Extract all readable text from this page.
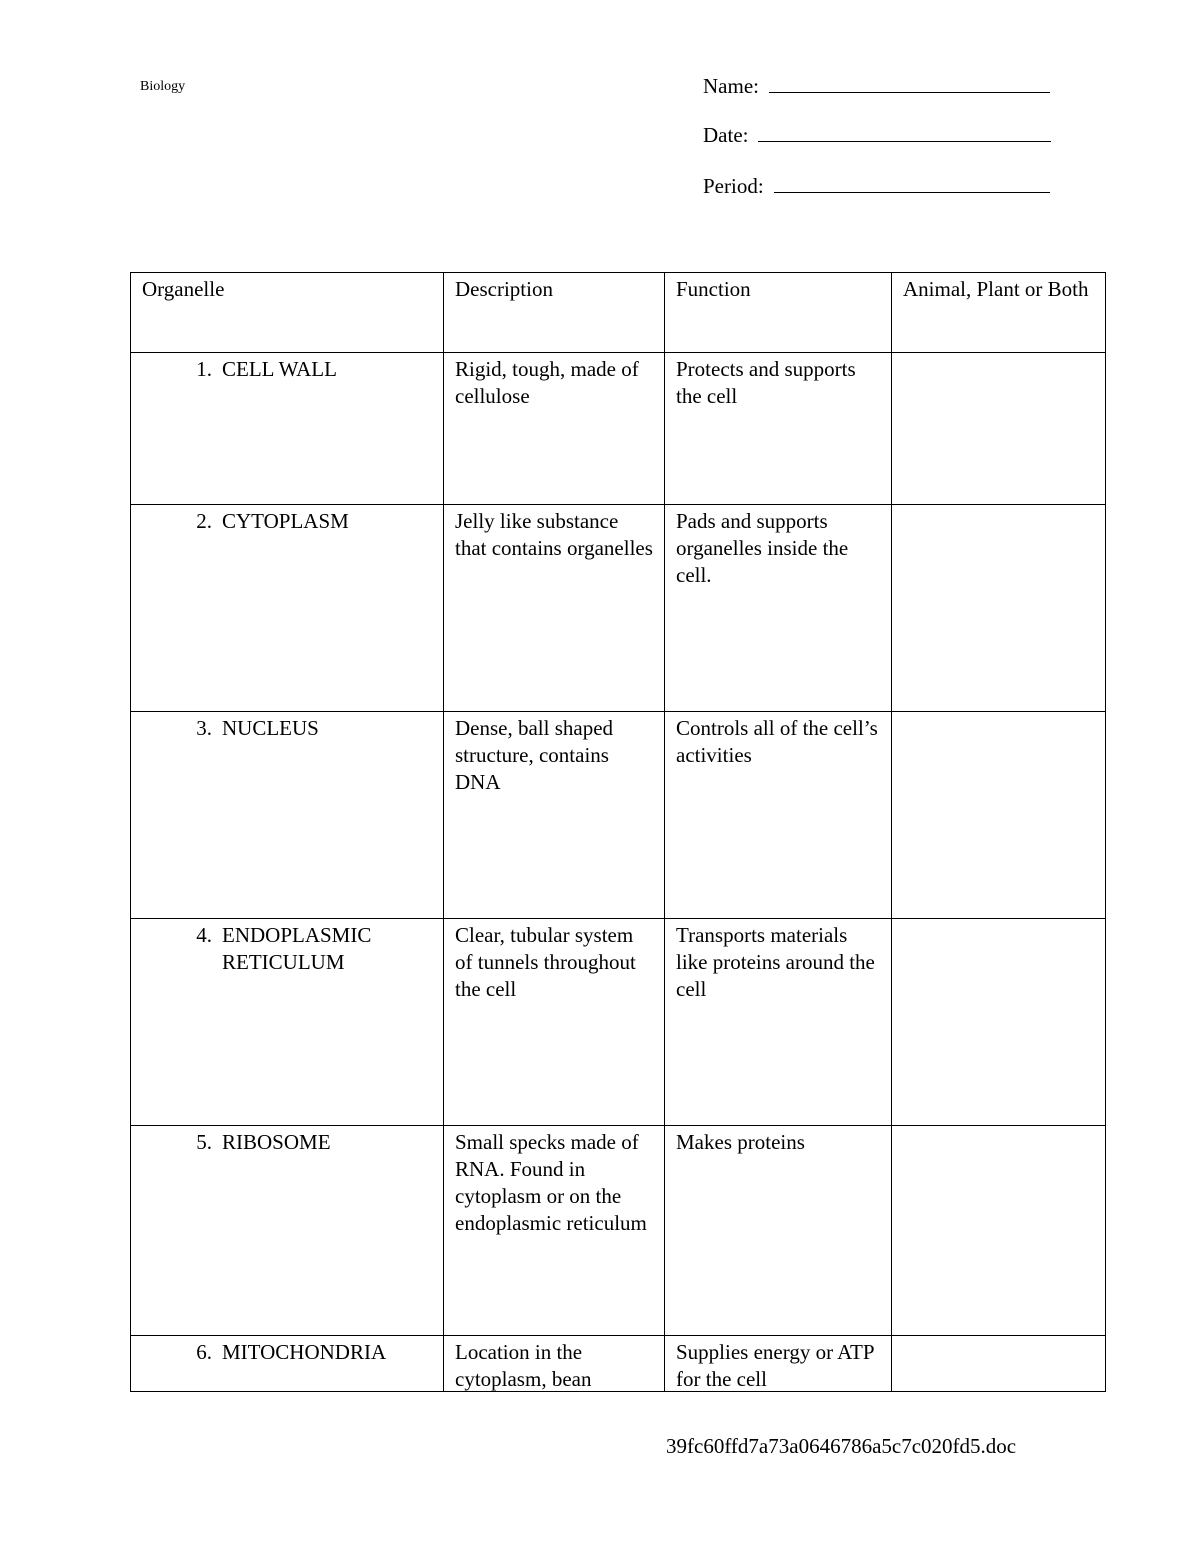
Biology	Name:
Date:
Period:
Organelle	Description	Function	Animal, Plant or Both

1. CELL WALL	Rigid, tough, made of cellulose	Protects and supports the cell	

2. CYTOPLASM	Jelly like substance that contains organelles	Pads and supports organelles inside the cell.	

3. NUCLEUS	Dense, ball shaped structure, contains DNA	Controls all of the cell’s activities	

4. ENDOPLASMIC RETICULUM	Clear, tubular system of tunnels throughout the cell	Transports materials like proteins around the cell	

5. RIBOSOME	Small specks made of RNA. Found in cytoplasm or on the endoplasmic reticulum	Makes proteins	

6. MITOCHONDRIA	Location in the cytoplasm, bean	Supplies energy or ATP for the cell	

39fc60ffd7a73a0646786a5c7c020fd5.doc
